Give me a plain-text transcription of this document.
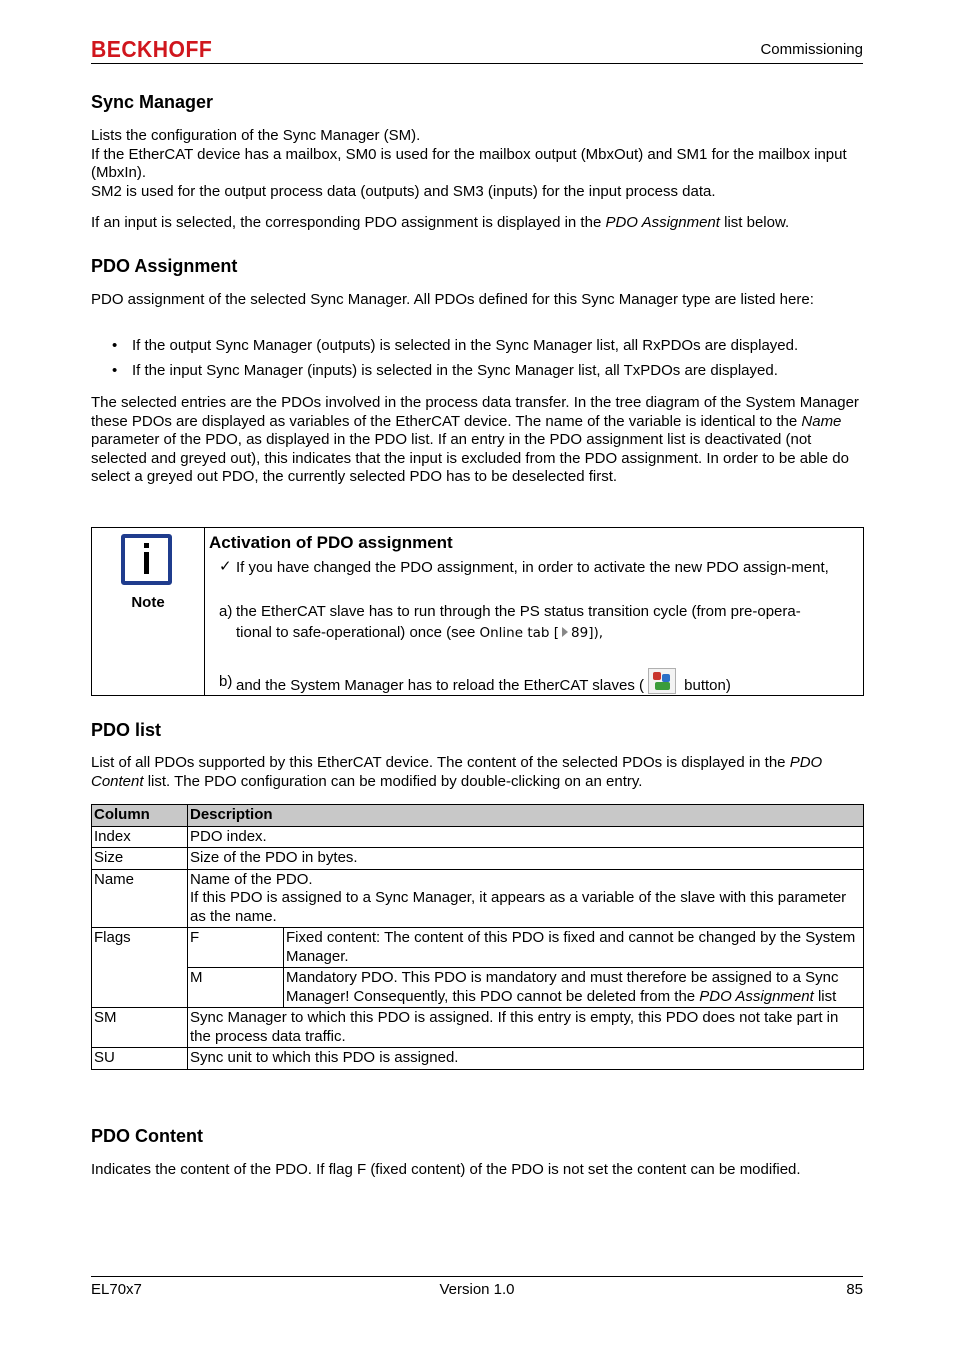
BECKHOFF	Commissioning
Sync Manager
Lists the configuration of the Sync Manager (SM).
If the EtherCAT device has a mailbox, SM0 is used for the mailbox output (MbxOut) and SM1 for the mailbox input (MbxIn).
SM2 is used for the output process data (outputs) and SM3 (inputs) for the input process data.
If an input is selected, the corresponding PDO assignment is displayed in the PDO Assignment list below.
PDO Assignment
PDO assignment of the selected Sync Manager. All PDOs defined for this Sync Manager type are listed here:
• If the output Sync Manager (outputs) is selected in the Sync Manager list, all RxPDOs are displayed.
• If the input Sync Manager (inputs) is selected in the Sync Manager list, all TxPDOs are displayed.
The selected entries are the PDOs involved in the process data transfer. In the tree diagram of the System Manager these PDOs are displayed as variables of the EtherCAT device. The name of the variable is identical to the Name parameter of the PDO, as displayed in the PDO list. If an entry in the PDO assignment list is deactivated (not selected and greyed out), this indicates that the input is excluded from the PDO assignment. In order to be able do select a greyed out PDO, the currently selected PDO has to be deselected first.
Note
Activation of PDO assignment
✓ If you have changed the PDO assignment, in order to activate the new PDO assign-ment,
a) the EtherCAT slave has to run through the PS status transition cycle (from pre-opera-
tional to safe-operational) once (see Online tab [ 89]),
b) and the System Manager has to reload the EtherCAT slaves (
button)
PDO list
List of all PDOs supported by this EtherCAT device. The content of the selected PDOs is displayed in the PDO Content list. The PDO configuration can be modified by double-clicking on an entry.
Column	Description	
Index	PDO index.	
Size	Size of the PDO in bytes.	
Name	Name of the PDO.
If this PDO is assigned to a Sync Manager, it appears as a variable of the slave with this parameter as the name.	

Flags	F	Fixed content: The content of this PDO is fixed and cannot be changed by the System Manager.
	M	Mandatory PDO. This PDO is mandatory and must therefore be assigned to a Sync Manager! Consequently, this PDO cannot be deleted from the PDO Assignment list
SM	Sync Manager to which this PDO is assigned. If this entry is empty, this PDO does not take part in the process data traffic.	
SU	Sync unit to which this PDO is assigned.	
PDO Content
Indicates the content of the PDO. If flag F (fixed content) of the PDO is not set the content can be modified.
EL70x7	Version 1.0	85
